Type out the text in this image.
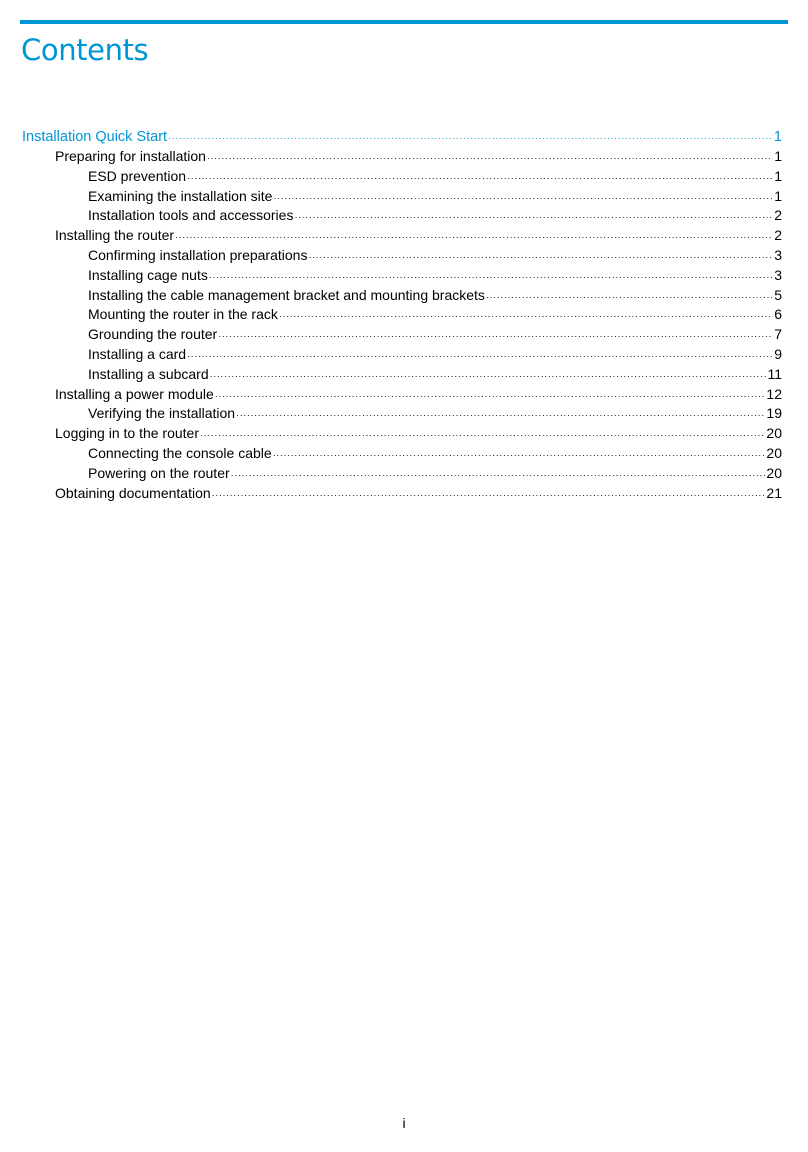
Contents
Installation Quick Start ·····	1
Preparing for installation ·····	1
ESD prevention ·····	1
Examining the installation site ·····	1
Installation tools and accessories ·····	2
Installing the router ·····	2
Confirming installation preparations ·····	3
Installing cage nuts ·····	3
Installing the cable management bracket and mounting brackets ·····	5
Mounting the router in the rack ·····	6
Grounding the router ·····	7
Installing a card ·····	9
Installing a subcard ·····	11
Installing a power module ·····	12
Verifying the installation ·····	19
Logging in to the router ·····	20
Connecting the console cable ·····	20
Powering on the router ·····	20
Obtaining documentation ·····	21
i
